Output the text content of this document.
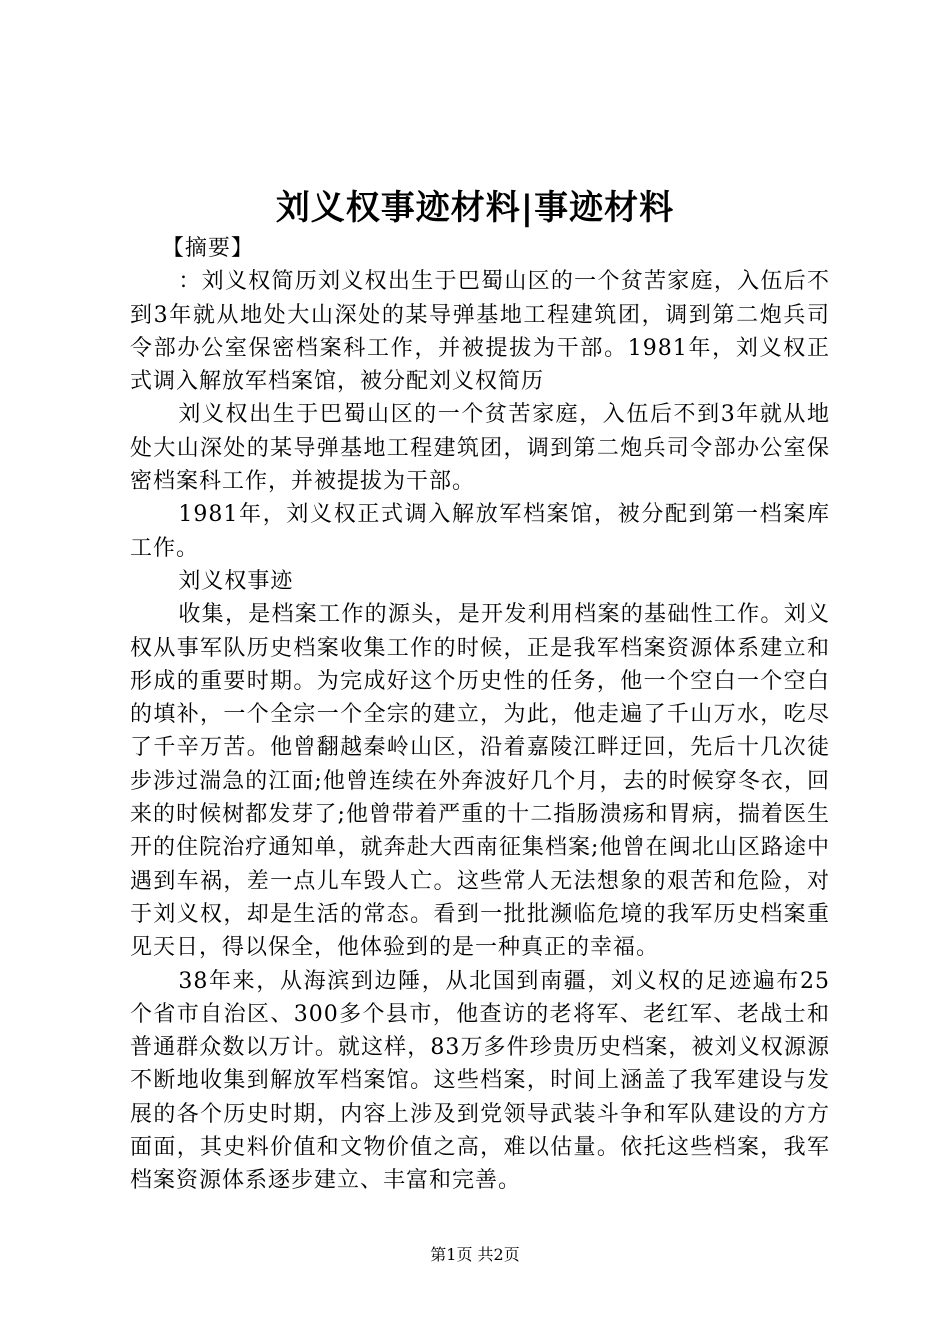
刘义权事迹材料|事迹材料

【摘要】

：刘义权简历刘义权出生于巴蜀山区的一个贫苦家庭，入伍后不到3年就从地处大山深处的某导弹基地工程建筑团，调到第二炮兵司令部办公室保密档案科工作，并被提拔为干部。1981年，刘义权正式调入解放军档案馆，被分配刘义权简历

刘义权出生于巴蜀山区的一个贫苦家庭，入伍后不到3年就从地处大山深处的某导弹基地工程建筑团，调到第二炮兵司令部办公室保密档案科工作，并被提拔为干部。

1981年，刘义权正式调入解放军档案馆，被分配到第一档案库工作。

刘义权事迹

收集，是档案工作的源头，是开发利用档案的基础性工作。刘义权从事军队历史档案收集工作的时候，正是我军档案资源体系建立和形成的重要时期。为完成好这个历史性的任务，他一个空白一个空白的填补，一个全宗一个全宗的建立，为此，他走遍了千山万水，吃尽了千辛万苦。他曾翻越秦岭山区，沿着嘉陵江畔迂回，先后十几次徒步涉过湍急的江面;他曾连续在外奔波好几个月，去的时候穿冬衣，回来的时候树都发芽了;他曾带着严重的十二指肠溃疡和胃病，揣着医生开的住院治疗通知单，就奔赴大西南征集档案;他曾在闽北山区路途中遇到车祸，差一点儿车毁人亡。这些常人无法想象的艰苦和危险，对于刘义权，却是生活的常态。看到一批批濒临危境的我军历史档案重见天日，得以保全，他体验到的是一种真正的幸福。

38年来，从海滨到边陲，从北国到南疆，刘义权的足迹遍布25个省市自治区、300多个县市，他查访的老将军、老红军、老战士和普通群众数以万计。就这样，83万多件珍贵历史档案，被刘义权源源不断地收集到解放军档案馆。这些档案，时间上涵盖了我军建设与发展的各个历史时期，内容上涉及到党领导武装斗争和军队建设的方方面面，其史料价值和文物价值之高，难以估量。依托这些档案，我军档案资源体系逐步建立、丰富和完善。

第1页 共2页
